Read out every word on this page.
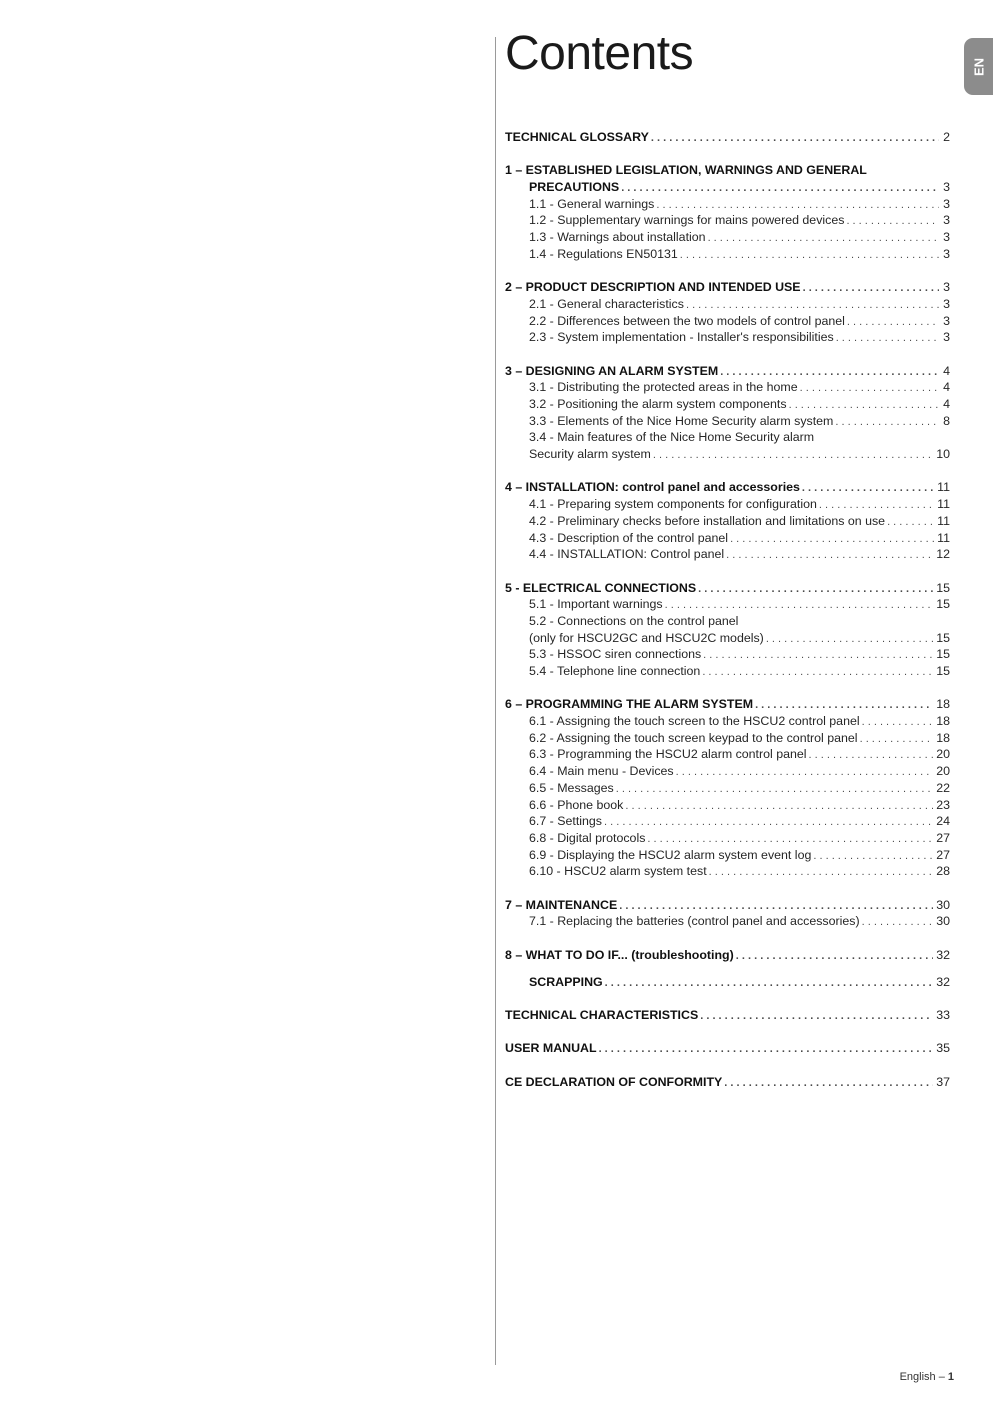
Contents	EN
TECHNICAL GLOSSARY . . .	2
1 – ESTABLISHED LEGISLATION, WARNINGS AND GENERAL
PRECAUTIONS . . .	3
1.1 - General warnings . . .	3
1.2 - Supplementary warnings for mains powered devices . . .	3
1.3 - Warnings about installation . . .	3
1.4 - Regulations EN50131 . . .	3
2 – PRODUCT DESCRIPTION AND INTENDED USE . . .	3
2.1 - General characteristics . . .	3
2.2 - Differences between the two models of control panel . . .	3
2.3 - System implementation - Installer's responsibilities . . .	3
3 – DESIGNING AN ALARM SYSTEM . . .	4
3.1 - Distributing the protected areas in the home . . .	4
3.2 - Positioning the alarm system components . . .	4
3.3 - Elements of the Nice Home Security alarm system . . .	8
3.4 - Main features of the Nice Home Security alarm
Security alarm system . . .	10
4 – INSTALLATION: control panel and accessories . . .	11
4.1 - Preparing system components for configuration . . .	11
4.2 - Preliminary checks before installation and limitations on use . . .	11
4.3 - Description of the control panel . . .	11
4.4 - INSTALLATION: Control panel . . .	12
5 - ELECTRICAL CONNECTIONS . . .	15
5.1 - Important warnings . . .	15
5.2 - Connections on the control panel
(only for HSCU2GC and HSCU2C models) . . .	15
5.3 - HSSOC siren connections . . .	15
5.4 - Telephone line connection . . .	15
6 – PROGRAMMING THE ALARM SYSTEM . . .	18
6.1 - Assigning the touch screen to the HSCU2 control panel . . .	18
6.2 - Assigning the touch screen keypad to the control panel . . .	18
6.3 - Programming the HSCU2 alarm control panel . . .	20
6.4 - Main menu - Devices . . .	20
6.5 - Messages . . .	22
6.6 - Phone book . . .	23
6.7 - Settings . . .	24
6.8 - Digital protocols . . .	27
6.9 - Displaying the HSCU2 alarm system event log . . .	27
6.10 - HSCU2 alarm system test . . .	28
7 – MAINTENANCE . . .	30
7.1 - Replacing the batteries (control panel and accessories) . . .	30
8 – WHAT TO DO IF... (troubleshooting) . . .	32
SCRAPPING . . .	32
TECHNICAL CHARACTERISTICS . . .	33
USER MANUAL . . .	35
CE DECLARATION OF CONFORMITY . . .	37
English – 1
